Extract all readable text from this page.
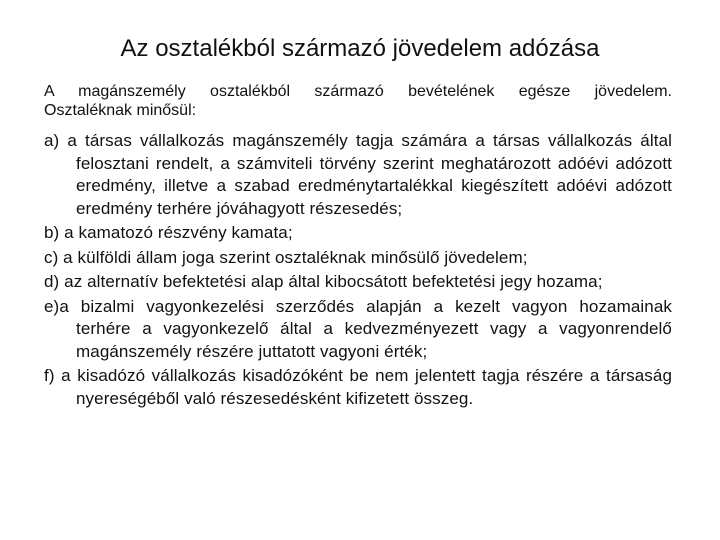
Az osztalékból származó jövedelem adózása

A magánszemély osztalékból származó bevételének egésze jövedelem.
Osztaléknak minősül:

a) a társas vállalkozás magánszemély tagja számára a társas vállalkozás által felosztani rendelt, a számviteli törvény szerint meghatározott adóévi adózott eredmény, illetve a szabad eredménytartalékkal kiegészített adóévi adózott eredmény terhére jóváhagyott részesedés;
b) a kamatozó részvény kamata;
c) a külföldi állam joga szerint osztaléknak minősülő jövedelem;
d) az alternatív befektetési alap által kibocsátott befektetési jegy hozama;
e)a bizalmi vagyonkezelési szerződés alapján a kezelt vagyon hozamainak terhére a vagyonkezelő által a kedvezményezett vagy a vagyonrendelő magánszemély részére juttatott vagyoni érték;
f) a kisadózó vállalkozás kisadózóként be nem jelentett tagja részére a társaság nyereségéből való részesedésként kifizetett összeg.
